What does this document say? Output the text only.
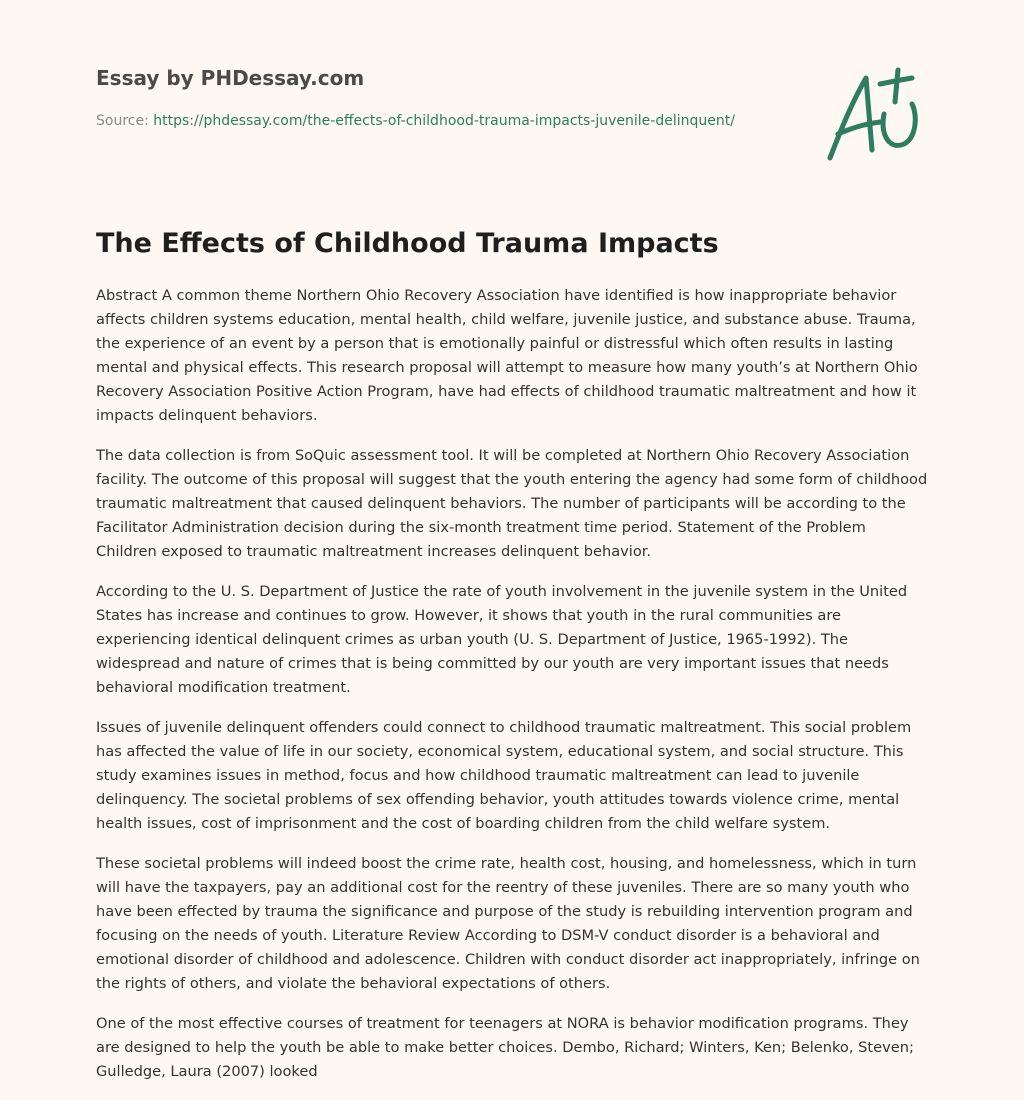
Essay by PHDessay.com
Source: https://phdessay.com/the-effects-of-childhood-trauma-impacts-juvenile-delinquent/
The Effects of Childhood Trauma Impacts

Abstract A common theme Northern Ohio Recovery Association have identified is how inappropriate behavior affects children systems education, mental health, child welfare, juvenile justice, and substance abuse. Trauma, the experience of an event by a person that is emotionally painful or distressful which often results in lasting mental and physical effects. This research proposal will attempt to measure how many youth’s at Northern Ohio Recovery Association Positive Action Program, have had effects of childhood traumatic maltreatment and how it impacts delinquent behaviors.

The data collection is from SoQuic assessment tool. It will be completed at Northern Ohio Recovery Association facility. The outcome of this proposal will suggest that the youth entering the agency had some form of childhood traumatic maltreatment that caused delinquent behaviors. The number of participants will be according to the Facilitator Administration decision during the six-month treatment time period. Statement of the Problem Children exposed to traumatic maltreatment increases delinquent behavior.

According to the U. S. Department of Justice the rate of youth involvement in the juvenile system in the United States has increase and continues to grow. However, it shows that youth in the rural communities are experiencing identical delinquent crimes as urban youth (U. S. Department of Justice, 1965-1992). The widespread and nature of crimes that is being committed by our youth are very important issues that needs behavioral modification treatment.

Issues of juvenile delinquent offenders could connect to childhood traumatic maltreatment. This social problem has affected the value of life in our society, economical system, educational system, and social structure. This study examines issues in method, focus and how childhood traumatic maltreatment can lead to juvenile delinquency. The societal problems of sex offending behavior, youth attitudes towards violence crime, mental health issues, cost of imprisonment and the cost of boarding children from the child welfare system.

These societal problems will indeed boost the crime rate, health cost, housing, and homelessness, which in turn will have the taxpayers, pay an additional cost for the reentry of these juveniles. There are so many youth who have been effected by trauma the significance and purpose of the study is rebuilding intervention program and focusing on the needs of youth. Literature Review According to DSM-V conduct disorder is a behavioral and emotional disorder of childhood and adolescence. Children with conduct disorder act inappropriately, infringe on the rights of others, and violate the behavioral expectations of others.

One of the most effective courses of treatment for teenagers at NORA is behavior modification programs. They are designed to help the youth be able to make better choices. Dembo, Richard; Winters, Ken; Belenko, Steven; Gulledge, Laura (2007) looked
